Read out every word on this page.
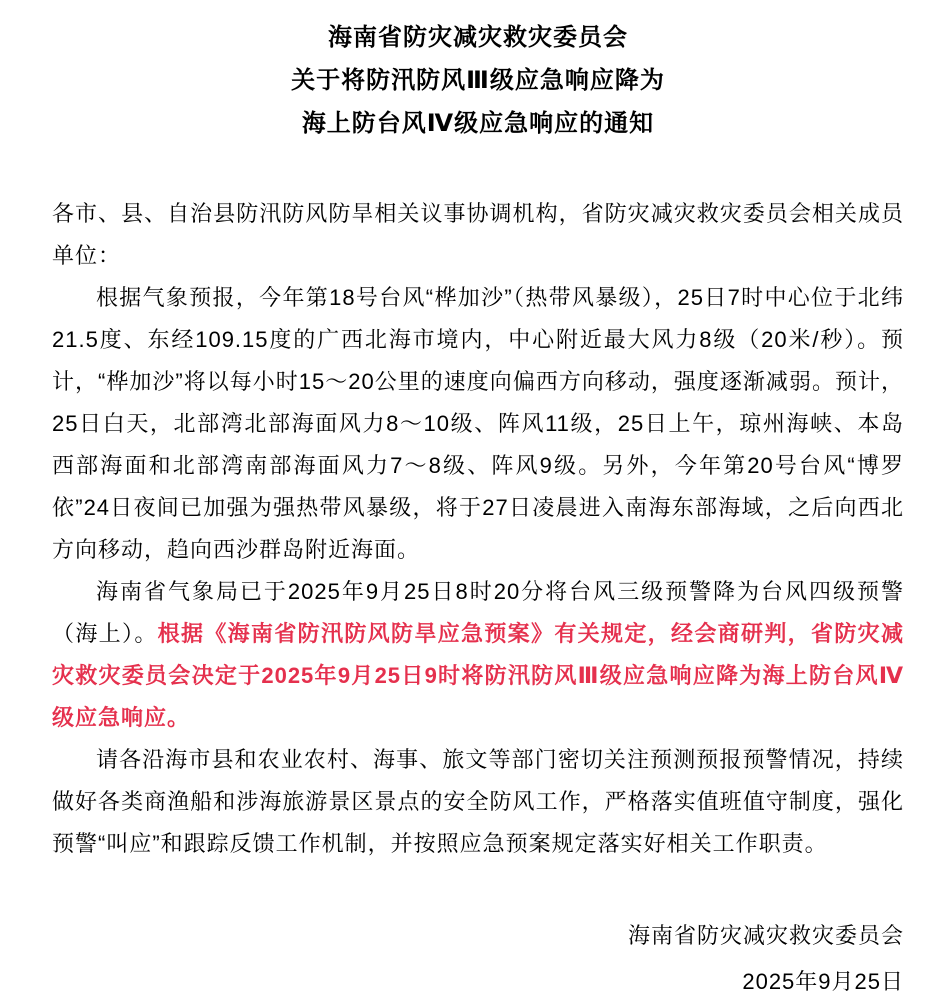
海南省防灾减灾救灾委员会
关于将防汛防风Ⅲ级应急响应降为
海上防台风Ⅳ级应急响应的通知

各市、县、自治县防汛防风防旱相关议事协调机构，省防灾减灾救灾委员会相关成员单位：

根据气象预报，今年第18号台风“桦加沙”（热带风暴级），25日7时中心位于北纬21.5度、东经109.15度的广西北海市境内，中心附近最大风力8级（20米/秒）。预计，“桦加沙”将以每小时15～20公里的速度向偏西方向移动，强度逐渐减弱。预计，25日白天，北部湾北部海面风力8～10级、阵风11级，25日上午，琼州海峡、本岛西部海面和北部湾南部海面风力7～8级、阵风9级。另外，今年第20号台风“博罗依”24日夜间已加强为强热带风暴级，将于27日凌晨进入南海东部海域，之后向西北方向移动，趋向西沙群岛附近海面。

海南省气象局已于2025年9月25日8时20分将台风三级预警降为台风四级预警（海上）。根据《海南省防汛防风防旱应急预案》有关规定，经会商研判，省防灾减灾救灾委员会决定于2025年9月25日9时将防汛防风Ⅲ级应急响应降为海上防台风Ⅳ级应急响应。

请各沿海市县和农业农村、海事、旅文等部门密切关注预测预报预警情况，持续做好各类商渔船和涉海旅游景区景点的安全防风工作，严格落实值班值守制度，强化预警“叫应”和跟踪反馈工作机制，并按照应急预案规定落实好相关工作职责。

海南省防灾减灾救灾委员会
2025年9月25日
